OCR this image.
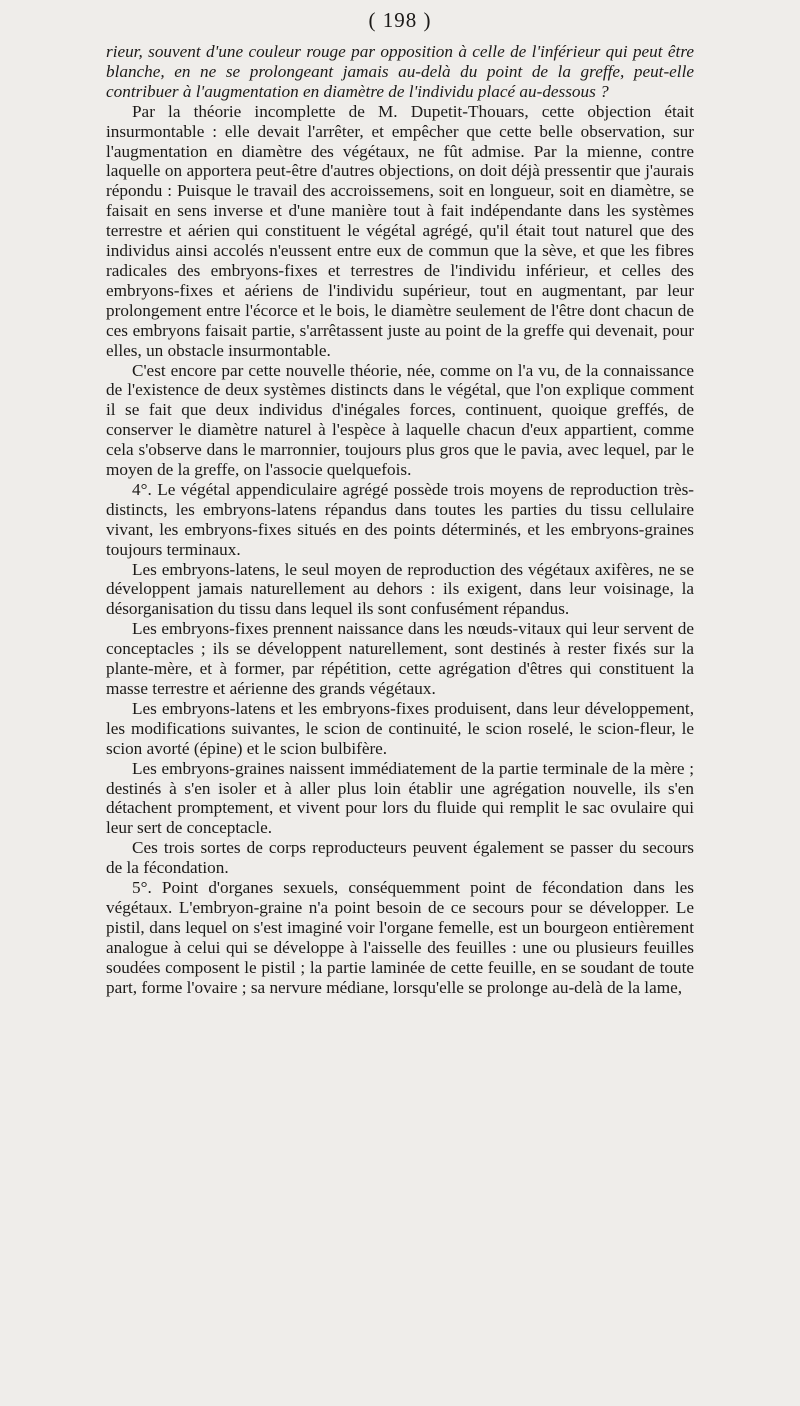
( 198 )

rieur, souvent d'une couleur rouge par opposition à celle de l'inférieur qui peut être blanche, en ne se prolongeant jamais au-delà du point de la greffe, peut-elle contribuer à l'augmentation en diamètre de l'individu placé au-dessous ?

Par la théorie incomplette de M. Dupetit-Thouars, cette objection était insurmontable : elle devait l'arrêter, et empêcher que cette belle observation, sur l'augmentation en diamètre des végétaux, ne fût admise. Par la mienne, contre laquelle on apportera peut-être d'autres objections, on doit déjà pressentir que j'aurais répondu : Puisque le travail des accroissemens, soit en longueur, soit en diamètre, se faisait en sens inverse et d'une manière tout à fait indépendante dans les systèmes terrestre et aérien qui constituent le végétal agrégé, qu'il était tout naturel que des individus ainsi accolés n'eussent entre eux de commun que la sève, et que les fibres radicales des embryons-fixes et terrestres de l'individu inférieur, et celles des embryons-fixes et aériens de l'individu supérieur, tout en augmentant, par leur prolongement entre l'écorce et le bois, le diamètre seulement de l'être dont chacun de ces embryons faisait partie, s'arrêtassent juste au point de la greffe qui devenait, pour elles, un obstacle insurmontable.

C'est encore par cette nouvelle théorie, née, comme on l'a vu, de la connaissance de l'existence de deux systèmes distincts dans le végétal, que l'on explique comment il se fait que deux individus d'inégales forces, continuent, quoique greffés, de conserver le diamètre naturel à l'espèce à laquelle chacun d'eux appartient, comme cela s'observe dans le marronnier, toujours plus gros que le pavia, avec lequel, par le moyen de la greffe, on l'associe quelquefois.

4°. Le végétal appendiculaire agrégé possède trois moyens de reproduction très-distincts, les embryons-latens répandus dans toutes les parties du tissu cellulaire vivant, les embryons-fixes situés en des points déterminés, et les embryons-graines toujours terminaux.

Les embryons-latens, le seul moyen de reproduction des végétaux axifères, ne se développent jamais naturellement au dehors : ils exigent, dans leur voisinage, la désorganisation du tissu dans lequel ils sont confusément répandus.

Les embryons-fixes prennent naissance dans les nœuds-vitaux qui leur servent de conceptacles ; ils se développent naturellement, sont destinés à rester fixés sur la plante-mère, et à former, par répétition, cette agrégation d'êtres qui constituent la masse terrestre et aérienne des grands végétaux.

Les embryons-latens et les embryons-fixes produisent, dans leur développement, les modifications suivantes, le scion de continuité, le scion roselé, le scion-fleur, le scion avorté (épine) et le scion bulbifère.

Les embryons-graines naissent immédiatement de la partie terminale de la mère ; destinés à s'en isoler et à aller plus loin établir une agrégation nouvelle, ils s'en détachent promptement, et vivent pour lors du fluide qui remplit le sac ovulaire qui leur sert de conceptacle.

Ces trois sortes de corps reproducteurs peuvent également se passer du secours de la fécondation.

5°. Point d'organes sexuels, conséquemment point de fécondation dans les végétaux. L'embryon-graine n'a point besoin de ce secours pour se développer. Le pistil, dans lequel on s'est imaginé voir l'organe femelle, est un bourgeon entièrement analogue à celui qui se développe à l'aisselle des feuilles : une ou plusieurs feuilles soudées composent le pistil ; la partie laminée de cette feuille, en se soudant de toute part, forme l'ovaire ; sa nervure médiane, lorsqu'elle se prolonge au-delà de la lame,
